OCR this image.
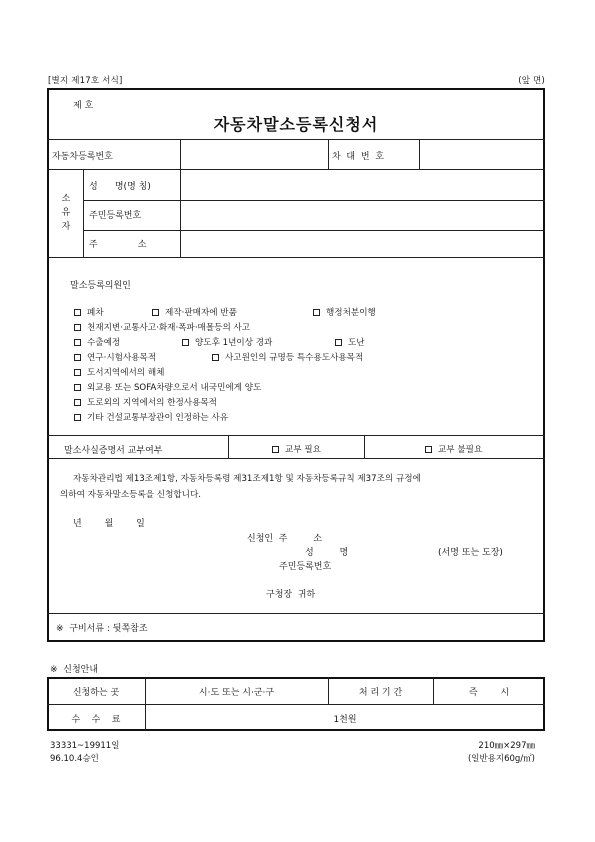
[별지 제17호 서식]	(앞 면)
제 호
자동차말소등록신청서
자동차등록번호	차  대  번  호
소
유
자
성      명(명 칭)
주민등록번호
주              소
말소등록의원인
폐차	제작·판매자에 반품	행정처분이행
천재지변·교통사고·화재·폭파·매몰등의 사고
수출예정	양도후 1년이상 경과	도난
연구·시험사용목적	사고원인의 규명등 특수용도사용목적
도서지역에서의 해체
외교용 또는 SOFA차량으로서 내국민에게 양도
도로외의 지역에서의 한정사용목적
기타 건설교통부장관이 인정하는 사유
말소사실증명서 교부여부	교부 필요	교부 불필요
자동차관리법 제13조제1항, 자동차등록령 제31조제1항 및 자동차등록규칙 제37조의 규정에
의하여 자동차말소등록을 신청합니다.
년        월        일
신청인  주         소
성         명	(서명 또는 도장)
주민등록번호
구청장  귀하
※  구비서류 : 뒷쪽참조
※  신청안내
신청하는 곳	시·도 또는 시·군·구	처 리 기 간	즉        시
수    수    료	1천원
33331~19911일
96.10.4승인
210㎜×297㎜
(일반용지60g/㎡)
